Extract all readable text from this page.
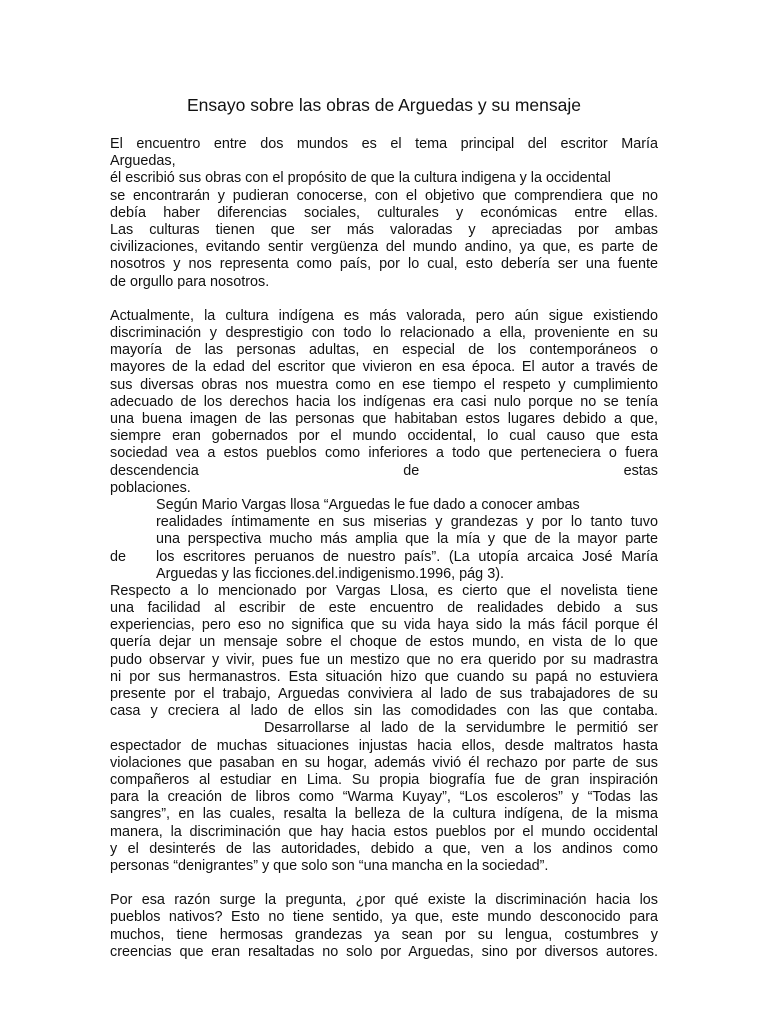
Ensayo sobre las obras de Arguedas y su mensaje
El encuentro entre dos mundos es el tema principal del escritor María
Arguedas,
él escribió sus obras con el propósito de que la cultura indigena y la occidental
se encontrarán y pudieran conocerse, con el objetivo que comprendiera que no
debía haber diferencias sociales, culturales y económicas entre ellas.
Las culturas tienen que ser más valoradas y apreciadas por ambas
civilizaciones, evitando sentir vergüenza del mundo andino, ya que, es parte de
nosotros y nos representa como país, por lo cual, esto debería ser una fuente
de orgullo para nosotros.
Actualmente, la cultura indígena es más valorada, pero aún sigue existiendo
discriminación y desprestigio con todo lo relacionado a ella, proveniente en su
mayoría de las personas adultas, en especial de los contemporáneos o
mayores de la edad del escritor que vivieron en esa época. El autor a través de
sus diversas obras nos muestra como en ese tiempo el respeto y cumplimiento
adecuado de los derechos hacia los indígenas era casi nulo porque no se tenía
una buena imagen de las personas que habitaban estos lugares debido a que,
siempre eran gobernados por el mundo occidental, lo cual causo que esta
sociedad vea a estos pueblos como inferiores a todo que perteneciera o fuera
descendencia de estas
poblaciones.
Según Mario Vargas llosa “Arguedas le fue dado a conocer ambas
realidades íntimamente en sus miserias y grandezas y por lo tanto tuvo
una perspectiva mucho más amplia que la mía y que de la mayor parte
de los escritores peruanos de nuestro país”. (La utopía arcaica José María
Arguedas y las ficciones.del.indigenismo.1996, pág 3).
Respecto a lo mencionado por Vargas Llosa, es cierto que el novelista tiene
una facilidad al escribir de este encuentro de realidades debido a sus
experiencias, pero eso no significa que su vida haya sido la más fácil porque él
quería dejar un mensaje sobre el choque de estos mundo, en vista de lo que
pudo observar y vivir, pues fue un mestizo que no era querido por su madrastra
ni por sus hermanastros. Esta situación hizo que cuando su papá no estuviera
presente por el trabajo, Arguedas conviviera al lado de sus trabajadores de su
casa y creciera al lado de ellos sin las comodidades con las que contaba.
Desarrollarse al lado de la servidumbre le permitió ser
espectador de muchas situaciones injustas hacia ellos, desde maltratos hasta
violaciones que pasaban en su hogar, además vivió él rechazo por parte de sus
compañeros al estudiar en Lima. Su propia biografía fue de gran inspiración
para la creación de libros como “Warma Kuyay”, “Los escoleros” y “Todas las
sangres”, en las cuales, resalta la belleza de la cultura indígena, de la misma
manera, la discriminación que hay hacia estos pueblos por el mundo occidental
y el desinterés de las autoridades, debido a que, ven a los andinos como
personas “denigrantes” y que solo son “una mancha en la sociedad”.
Por esa razón surge la pregunta, ¿por qué existe la discriminación hacia los
pueblos nativos? Esto no tiene sentido, ya que, este mundo desconocido para
muchos, tiene hermosas grandezas ya sean por su lengua, costumbres y
creencias que eran resaltadas no solo por Arguedas, sino por diversos autores.
